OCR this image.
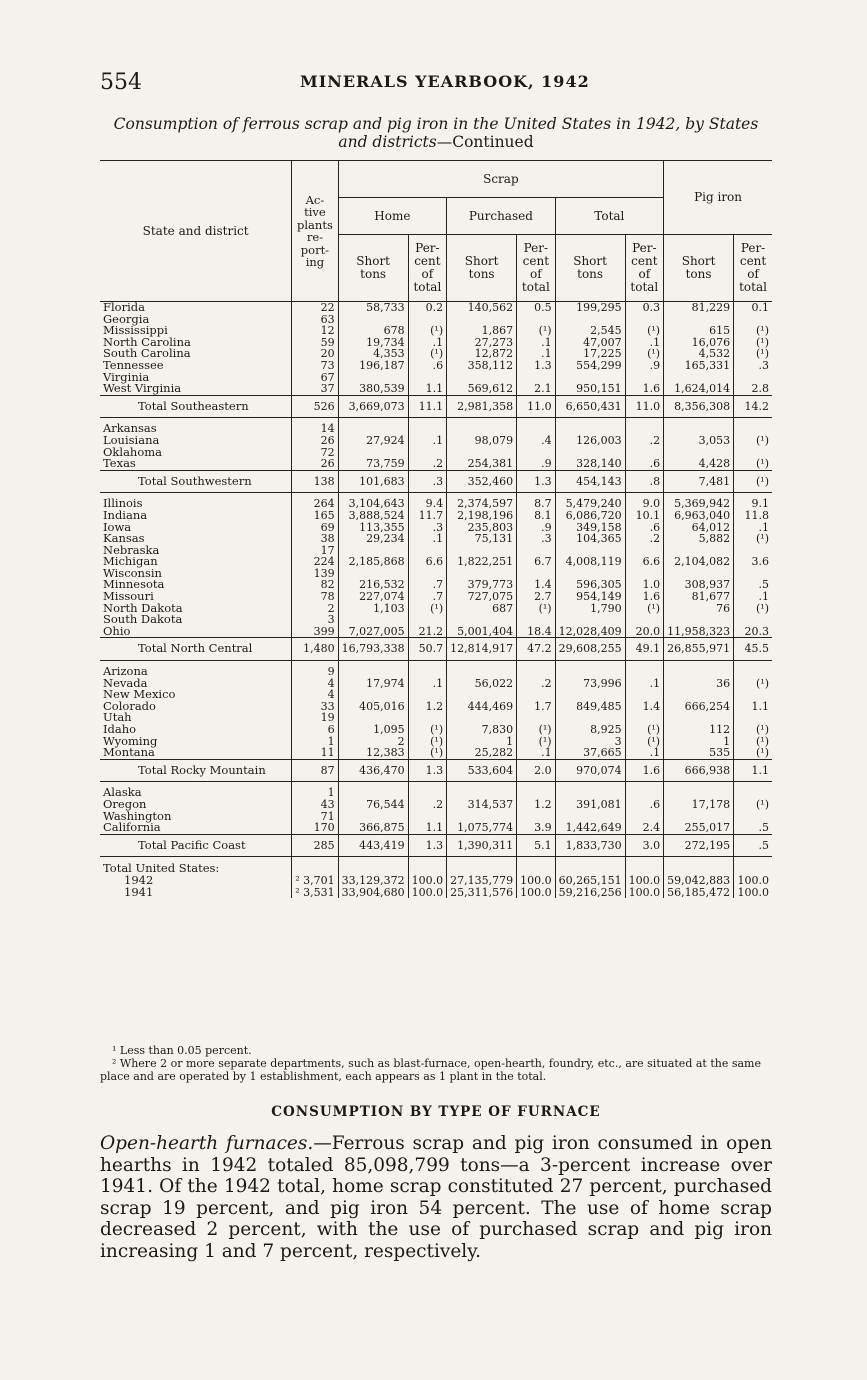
554	MINERALS YEARBOOK, 1942
Consumption of ferrous scrap and pig iron in the United States in 1942, by States and districts—Continued
State and district	Ac-tive plants re-port-ing	Scrap						Pig iron	
		Home		Purchased		Total			
		Short tons	Per-cent of total	Short tons	Per-cent of total	Short tons	Per-cent of total	Short tons	Per-cent of total
Florida	22	58,733	0.2	140,562	0.5	199,295	0.3	81,229	0.1
Georgia	63								
Mississippi	12	678	(¹)	1,867	(¹)	2,545	(¹)	615	(¹)
North Carolina	59	19,734	.1	27,273	.1	47,007	.1	16,076	(¹)
South Carolina	20	4,353	(¹)	12,872	.1	17,225	(¹)	4,532	(¹)
Tennessee	73	196,187	.6	358,112	1.3	554,299	.9	165,331	.3
Virginia	67								
West Virginia	37	380,539	1.1	569,612	2.1	950,151	1.6	1,624,014	2.8
Total Southeastern	526	3,669,073	11.1	2,981,358	11.0	6,650,431	11.0	8,356,308	14.2

Arkansas	14								
Louisiana	26	27,924	.1	98,079	.4	126,003	.2	3,053	(¹)
Oklahoma	72								
Texas	26	73,759	.2	254,381	.9	328,140	.6	4,428	(¹)
Total Southwestern	138	101,683	.3	352,460	1.3	454,143	.8	7,481	(¹)

Illinois	264	3,104,643	9.4	2,374,597	8.7	5,479,240	9.0	5,369,942	9.1
Indiana	165	3,888,524	11.7	2,198,196	8.1	6,086,720	10.1	6,963,040	11.8
Iowa	69	113,355	.3	235,803	.9	349,158	.6	64,012	.1
Kansas	38	29,234	.1	75,131	.3	104,365	.2	5,882	(¹)
Nebraska	17								
Michigan	224	2,185,868	6.6	1,822,251	6.7	4,008,119	6.6	2,104,082	3.6
Wisconsin	139								
Minnesota	82	216,532	.7	379,773	1.4	596,305	1.0	308,937	.5
Missouri	78	227,074	.7	727,075	2.7	954,149	1.6	81,677	.1
North Dakota	2	1,103	(¹)	687	(¹)	1,790	(¹)	76	(¹)
South Dakota	3								
Ohio	399	7,027,005	21.2	5,001,404	18.4	12,028,409	20.0	11,958,323	20.3
Total North Central	1,480	16,793,338	50.7	12,814,917	47.2	29,608,255	49.1	26,855,971	45.5

Arizona	9								
Nevada	4	17,974	.1	56,022	.2	73,996	.1	36	(¹)
New Mexico	4								
Colorado	33	405,016	1.2	444,469	1.7	849,485	1.4	666,254	1.1
Utah	19								
Idaho	6	1,095	(¹)	7,830	(¹)	8,925	(¹)	112	(¹)
Wyoming	1	2	(¹)	1	(¹)	3	(¹)	1	(¹)
Montana	11	12,383	(¹)	25,282	.1	37,665	.1	535	(¹)
Total Rocky Mountain	87	436,470	1.3	533,604	2.0	970,074	1.6	666,938	1.1

Alaska	1								
Oregon	43	76,544	.2	314,537	1.2	391,081	.6	17,178	(¹)
Washington	71								
California	170	366,875	1.1	1,075,774	3.9	1,442,649	2.4	255,017	.5
Total Pacific Coast	285	443,419	1.3	1,390,311	5.1	1,833,730	3.0	272,195	.5
Total United States:									
1942	² 3,701	33,129,372	100.0	27,135,779	100.0	60,265,151	100.0	59,042,883	100.0
1941	² 3,531	33,904,680	100.0	25,311,576	100.0	59,216,256	100.0	56,185,472	100.0

¹ Less than 0.05 percent.

² Where 2 or more separate departments, such as blast-furnace, open-hearth, foundry, etc., are situated at the same place and are operated by 1 establishment, each appears as 1 plant in the total.

CONSUMPTION BY TYPE OF FURNACE
Open-hearth furnaces.—Ferrous scrap and pig iron consumed in open hearths in 1942 totaled 85,098,799 tons—a 3-percent increase over 1941. Of the 1942 total, home scrap constituted 27 percent, purchased scrap 19 percent, and pig iron 54 percent. The use of home scrap decreased 2 percent, with the use of purchased scrap and pig iron increasing 1 and 7 percent, respectively.
